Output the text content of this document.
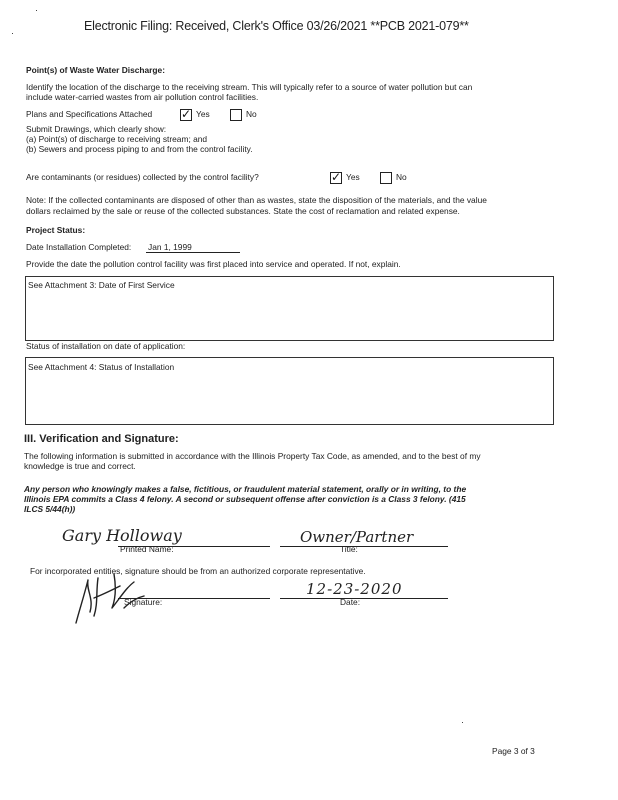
Electronic Filing: Received, Clerk's Office 03/26/2021 **PCB 2021-079**
Point(s) of Waste Water Discharge:
Identify the location of the discharge to the receiving stream. This will typically refer to a source of water pollution but can
include water-carried wastes from air pollution control facilities.
Plans and Specifications Attached ✓	Yes	No
Submit Drawings, which clearly show:
(a) Point(s) of discharge to receiving stream; and
(b) Sewers and process piping to and from the control facility.
Are contaminants (or residues) collected by the control facility? ✓	Yes	No
Note: If the collected contaminants are disposed of other than as wastes, state the disposition of the materials, and the value
dollars reclaimed by the sale or reuse of the collected substances. State the cost of reclamation and related expense.
Project Status:
Date Installation Completed: Jan 1, 1999
Provide the date the pollution control facility was first placed into service and operated. If not, explain.
See Attachment 3: Date of First Service
Status of installation on date of application:
See Attachment 4: Status of Installation
III. Verification and Signature:
The following information is submitted in accordance with the Illinois Property Tax Code, as amended, and to the best of my
knowledge is true and correct.
Any person who knowingly makes a false, fictitious, or fraudulent material statement, orally or in writing, to the
Illinois EPA commits a Class 4 felony. A second or subsequent offense after conviction is a Class 3 felony. (415
ILCS 5/44(h))
Gary Holloway
Printed Name:
Owner/Partner
Title:
For incorporated entities, signature should be from an authorized corporate representative.
Signature:
12-23-2020
Date:
Page 3 of 3
